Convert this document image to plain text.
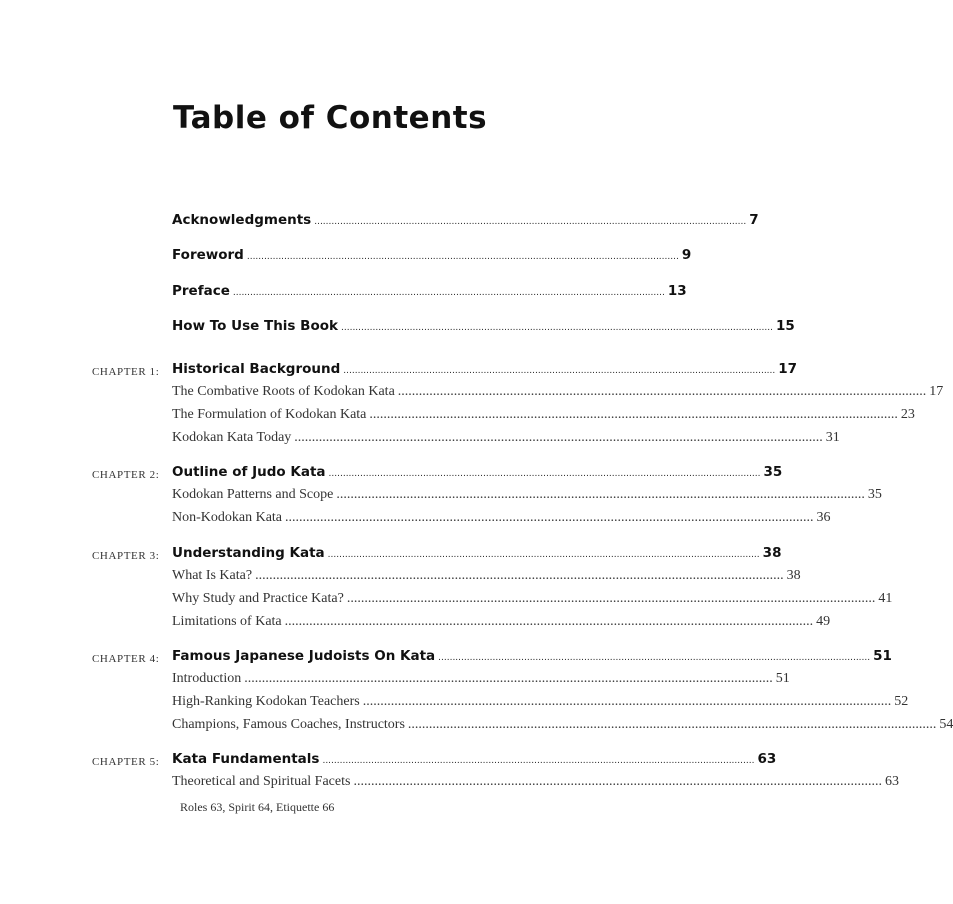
Table of Contents
Acknowledgments ....................................................................................................................................................... 7
Foreword ....................................................................................................................................................... 9
Preface ....................................................................................................................................................... 13
How To Use This Book ....................................................................................................................................................... 15
CHAPTER 1: Historical Background ....................................................................................................................................................... 17
The Combative Roots of Kodokan Kata ....................................................................................................................................................... 17
The Formulation of Kodokan Kata ....................................................................................................................................................... 23
Kodokan Kata Today ....................................................................................................................................................... 31
CHAPTER 2: Outline of Judo Kata ....................................................................................................................................................... 35
Kodokan Patterns and Scope ....................................................................................................................................................... 35
Non-Kodokan Kata ....................................................................................................................................................... 36
CHAPTER 3: Understanding Kata ....................................................................................................................................................... 38
What Is Kata? ....................................................................................................................................................... 38
Why Study and Practice Kata? ....................................................................................................................................................... 41
Limitations of Kata ....................................................................................................................................................... 49
CHAPTER 4: Famous Japanese Judoists On Kata ....................................................................................................................................................... 51
Introduction ....................................................................................................................................................... 51
High-Ranking Kodokan Teachers ....................................................................................................................................................... 52
Champions, Famous Coaches, Instructors ....................................................................................................................................................... 54
CHAPTER 5: Kata Fundamentals ....................................................................................................................................................... 63
Theoretical and Spiritual Facets ....................................................................................................................................................... 63
Roles 63, Spirit 64, Etiquette 66
